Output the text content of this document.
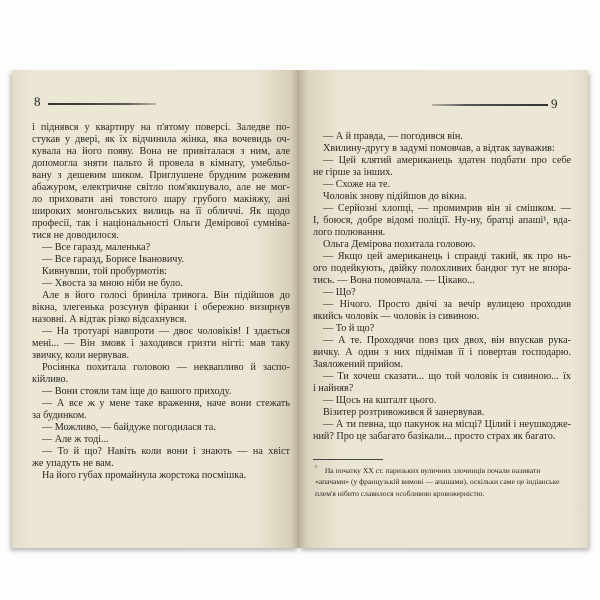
8
і піднявся у квартиру на п'ятому поверсі. Заледве по-
стукав у двері, як їх відчинила жінка, яка вочевидь оч-
кувала на його появу. Вона не привіталася з ним, але
допомогла зняти пальто й провела в кімнату, умебльо-
вану з дешевим шиком. Приглушене брудним рожевим
абажуром, електричне світло пом'якшувало, але не мог-
ло приховати ані товстого шару грубого макіяжу, ані
широких монгольських вилиць на її обличчі. Як щодо
професії, так і національності Ольги Демірової сумніва-
тися не доводилося.
— Все гаразд, маленька?
— Все гаразд, Борисе Івановичу.
Кивнувши, той пробурмотів:
— Хвоста за мною ніби не було.
Але в його голосі бриніла тривога. Він підійшов до
вікна, злегенька розсунув фіранки і обережно визирнув
назовні. А відтак різко відсахнувся.
— На тротуарі навпроти — двоє чоловіків! І здається
мені... — Він змовк і заходився гризти нігті: мав таку
звичку, коли нервував.
Росіянка похитала головою — неквапливо й заспо-
кійливо.
— Вони стояли там іще до вашого приходу.
— А все ж у мене таке враження, наче вони стежать
за будинком.
— Можливо, — байдуже погодилася та.
— Але ж тоді...
— То й що? Навіть коли вони і знають — на хвіст
же упадуть не вам.
На його губах промайнула жорстока посмішка.
9
— А й правда, — погодився він.
Хвилину-другу в задумі помовчав, а відтак зауважив:
— Цей клятий американець здатен подбати про себе
не гірше за інших.
— Схоже на те.
Чоловік знову підійшов до вікна.
— Серйозні хлопці, — промимрив він зі смішком. —
І, боюся, добре відомі поліції. Ну-ну, братці апаші¹, вда-
лого полювання.
Ольга Демірова похитала головою.
— Якщо цей американець і справді такий, як про нь-
ого подейкують, двійку полохливих бандюг тут не впора-
тись. — Вона помовчала. — Цікаво...
— Що?
— Нічого. Просто двічі за вечір вулицею проходив
якийсь чоловік — чоловік із сивиною.
— То й що?
— А те. Проходячи повз цих двох, він впускав рука-
вичку. А один з них піднімав її і повертав господарю.
Заяложений прийом.
— Ти хочеш сказати... що той чоловік із сивиною... їх
і найняв?
— Щось на кшталт цього.
Візитер розтривожився й занервував.
— А ти певна, що пакунок на місці? Цілий і неушкодже-
ний? Про це забагато базікали... просто страх як багато.
$^{^1}$ На початку XX ст. паризьких вуличних злочинців почали називати «апачами» (у французькій вимові — апашами), оскільки саме це індіанське плем'я нібито славилося особливою кровожерністю.
